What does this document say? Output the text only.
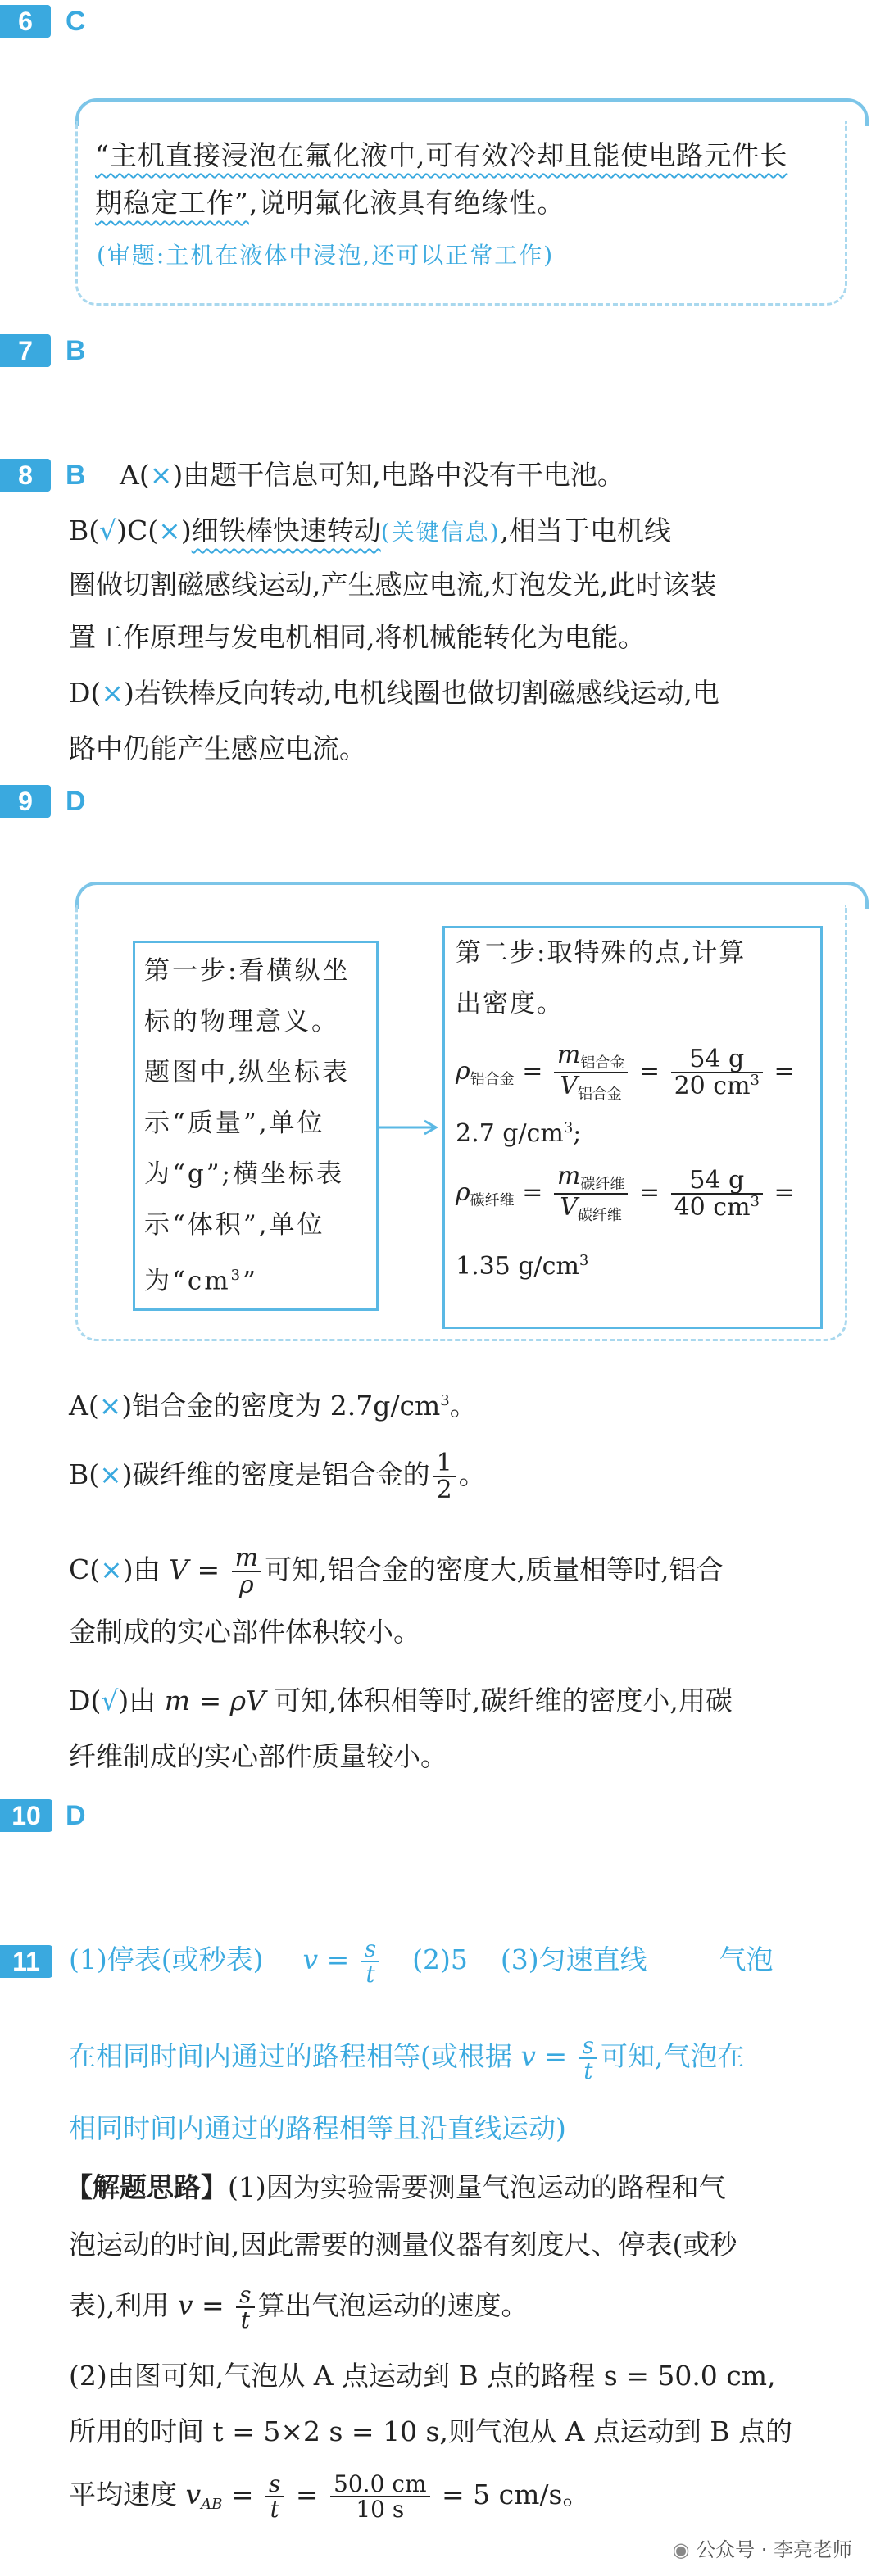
6	C
“主机直接浸泡在氟化液中,可有效冷却且能使电路元件长
期稳定工作”,说明氟化液具有绝缘性。
(审题:主机在液体中浸泡,还可以正常工作)
7	B
8	B A(×)由题干信息可知,电路中没有干电池。
B(√)C(×)细铁棒快速转动(关键信息),相当于电机线
圈做切割磁感线运动,产生感应电流,灯泡发光,此时该装
置工作原理与发电机相同,将机械能转化为电能。
D(×)若铁棒反向转动,电机线圈也做切割磁感线运动,电
路中仍能产生感应电流。
9	D
第一步:看横纵坐
标的物理意义。
题图中,纵坐标表
示“质量”,单位
为“g”;横坐标表
示“体积”,单位
为“$cm^3$”
第二步:取特殊的点,计算
出密度。
$\rho_{铝合金} = \frac{m_{铝合金}}{V_{铝合金}} = \frac{54 g}{20 cm^3}$ =
2.7 $g/cm^3$;
$\rho_{碳纤维} = \frac{m_{碳纤维}}{V_{碳纤维}} = \frac{54 g}{40 cm^3}$ =
1.35 $g/cm^3$
A(×)铝合金的密度为 $2.7g/cm^3$。
B(×)碳纤维的密度是铝合金的 $\frac{1}{2}$ 。
C(×)由 $V = \frac{m}{\rho}$ 可知,铝合金的密度大,质量相等时,铝合
金制成的实心部件体积较小。
D(√)由 m = ρV 可知,体积相等时,碳纤维的密度小,用碳
纤维制成的实心部件质量较小。
10 D
11	(1)停表(或秒表) $v = \frac{s}{t} (2)5$ (3)匀速直线	气泡
在相同时间内通过的路程相等(或根据 $v = \frac{s}{t}$ 可知,气泡在
相同时间内通过的路程相等且沿直线运动)
【解题思路】(1)因为实验需要测量气泡运动的路程和气
泡运动的时间,因此需要的测量仪器有刻度尺、停表(或秒
表),利用 $v = \frac{s}{t}$ 算出气泡运动的速度。
(2)由图可知,气泡从 A 点运动到 B 点的路程 s = 50.0 cm,
所用的时间 t = 5×2 s = 10 s,则气泡从 A 点运动到 B 点的
平均速度 $v_{AB} = \frac{s}{t} = \frac{50.0 cm}{10 s} = 5$ cm/s。
◉ 公众号 · 李亮老师
